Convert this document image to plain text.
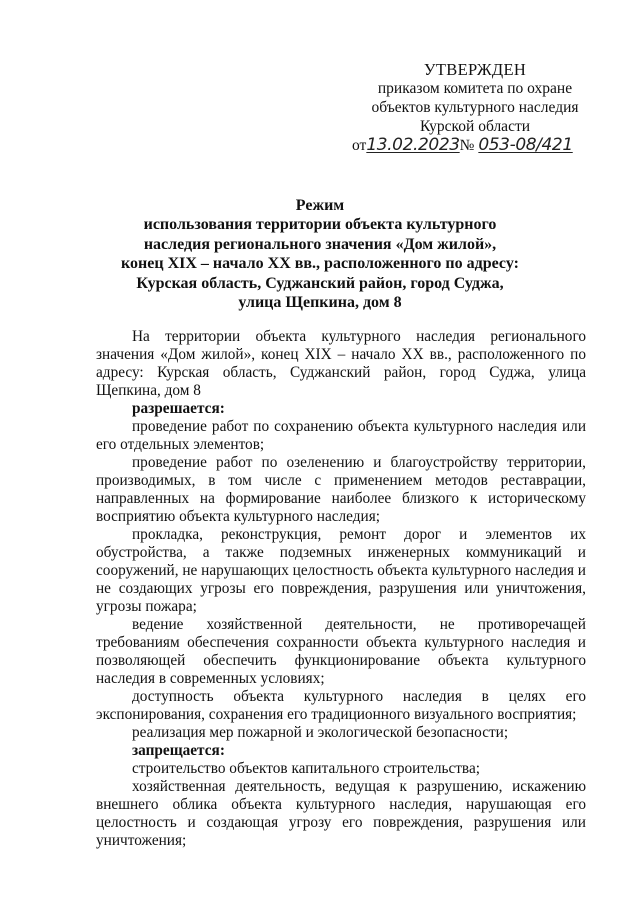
УТВЕРЖДЕН
приказом комитета по охране
объектов культурного наследия
Курской области
от13.02.2023№ 053-08/421
Режим
использования территории объекта культурного
наследия регионального значения «Дом жилой»,
конец XIX – начало XX вв., расположенного по адресу:
Курская область, Суджанский район, город Суджа,
улица Щепкина, дом 8

На территории объекта культурного наследия регионального значения «Дом жилой», конец XIX – начало XX вв., расположенного по адресу: Курская область, Суджанский район, город Суджа, улица Щепкина, дом 8

разрешается:

проведение работ по сохранению объекта культурного наследия или его отдельных элементов;

проведение работ по озеленению и благоустройству территории, производимых, в том числе с применением методов реставрации, направленных на формирование наиболее близкого к историческому восприятию объекта культурного наследия;

прокладка, реконструкция, ремонт дорог и элементов их обустройства, а также подземных инженерных коммуникаций и сооружений, не нарушающих целостность объекта культурного наследия и не создающих угрозы его повреждения, разрушения или уничтожения, угрозы пожара;

ведение хозяйственной деятельности, не противоречащей требованиям обеспечения сохранности объекта культурного наследия и позволяющей обеспечить функционирование объекта культурного наследия в современных условиях;

доступность объекта культурного наследия в целях его экспонирования, сохранения его традиционного визуального восприятия;

реализация мер пожарной и экологической безопасности;

запрещается:

строительство объектов капитального строительства;

хозяйственная деятельность, ведущая к разрушению, искажению внешнего облика объекта культурного наследия, нарушающая его целостность и создающая угрозу его повреждения, разрушения или уничтожения;
